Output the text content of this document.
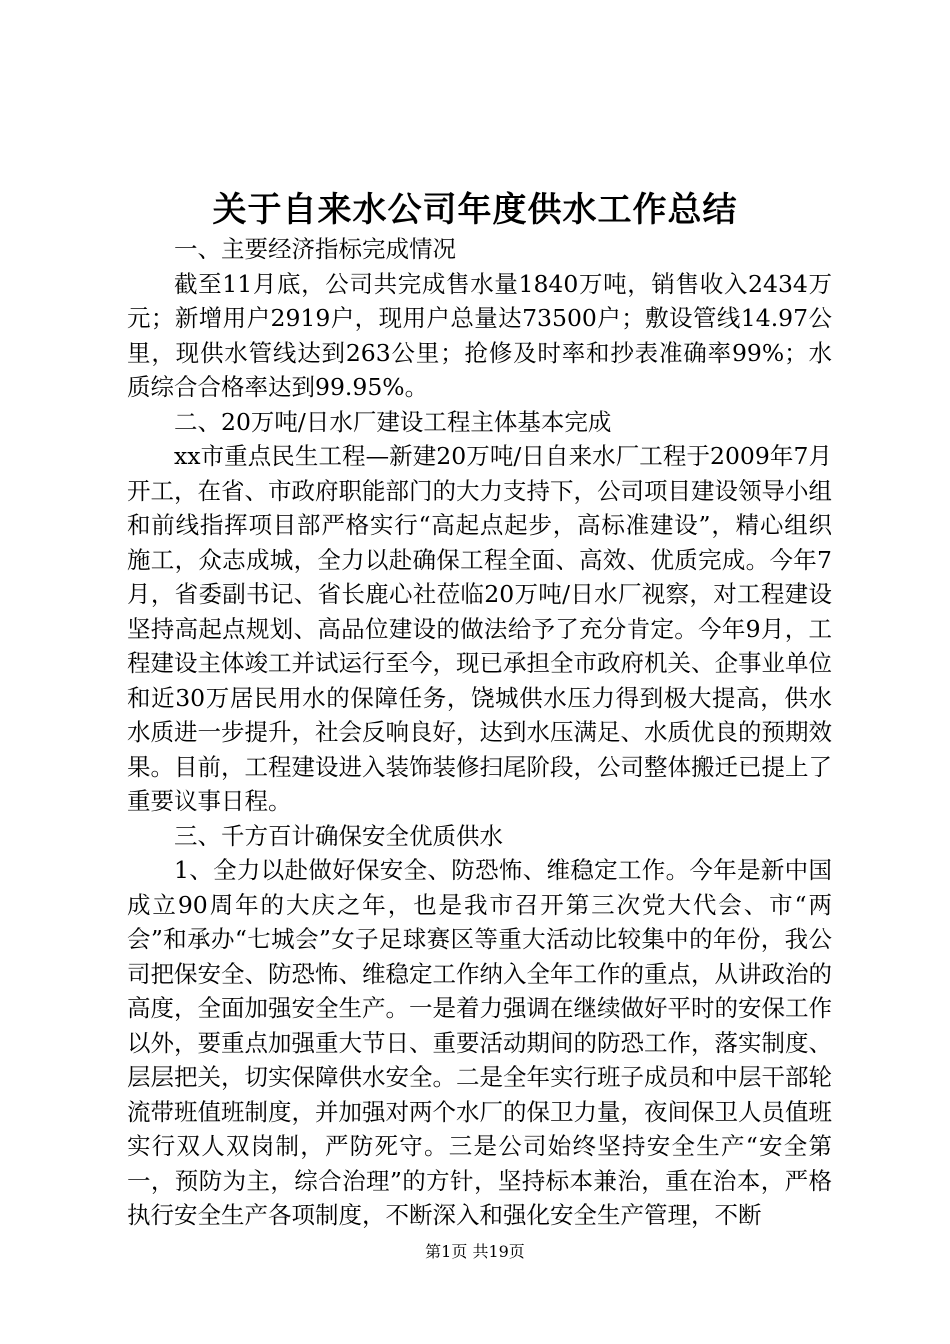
关于自来水公司年度供水工作总结

一、主要经济指标完成情况

截至11月底，公司共完成售水量1840万吨，销售收入2434万元；新增用户2919户，现用户总量达73500户；敷设管线14.97公里，现供水管线达到263公里；抢修及时率和抄表准确率99%；水质综合合格率达到99.95%。

二、20万吨/日水厂建设工程主体基本完成

xx市重点民生工程—新建20万吨/日自来水厂工程于2009年7月开工，在省、市政府职能部门的大力支持下，公司项目建设领导小组和前线指挥项目部严格实行“高起点起步，高标准建设”，精心组织施工，众志成城，全力以赴确保工程全面、高效、优质完成。今年7月，省委副书记、省长鹿心社莅临20万吨/日水厂视察，对工程建设坚持高起点规划、高品位建设的做法给予了充分肯定。今年9月，工程建设主体竣工并试运行至今，现已承担全市政府机关、企事业单位和近30万居民用水的保障任务，饶城供水压力得到极大提高，供水水质进一步提升，社会反响良好，达到水压满足、水质优良的预期效果。目前，工程建设进入装饰装修扫尾阶段，公司整体搬迁已提上了重要议事日程。

三、千方百计确保安全优质供水

1、全力以赴做好保安全、防恐怖、维稳定工作。今年是新中国成立90周年的大庆之年，也是我市召开第三次党大代会、市“两会”和承办“七城会”女子足球赛区等重大活动比较集中的年份，我公司把保安全、防恐怖、维稳定工作纳入全年工作的重点，从讲政治的高度，全面加强安全生产。一是着力强调在继续做好平时的安保工作以外，要重点加强重大节日、重要活动期间的防恐工作，落实制度、层层把关，切实保障供水安全。二是全年实行班子成员和中层干部轮流带班值班制度，并加强对两个水厂的保卫力量，夜间保卫人员值班实行双人双岗制，严防死守。三是公司始终坚持安全生产“安全第一，预防为主，综合治理”的方针，坚持标本兼治，重在治本，严格执行安全生产各项制度，不断深入和强化安全生产管理，不断

第1页 共19页
